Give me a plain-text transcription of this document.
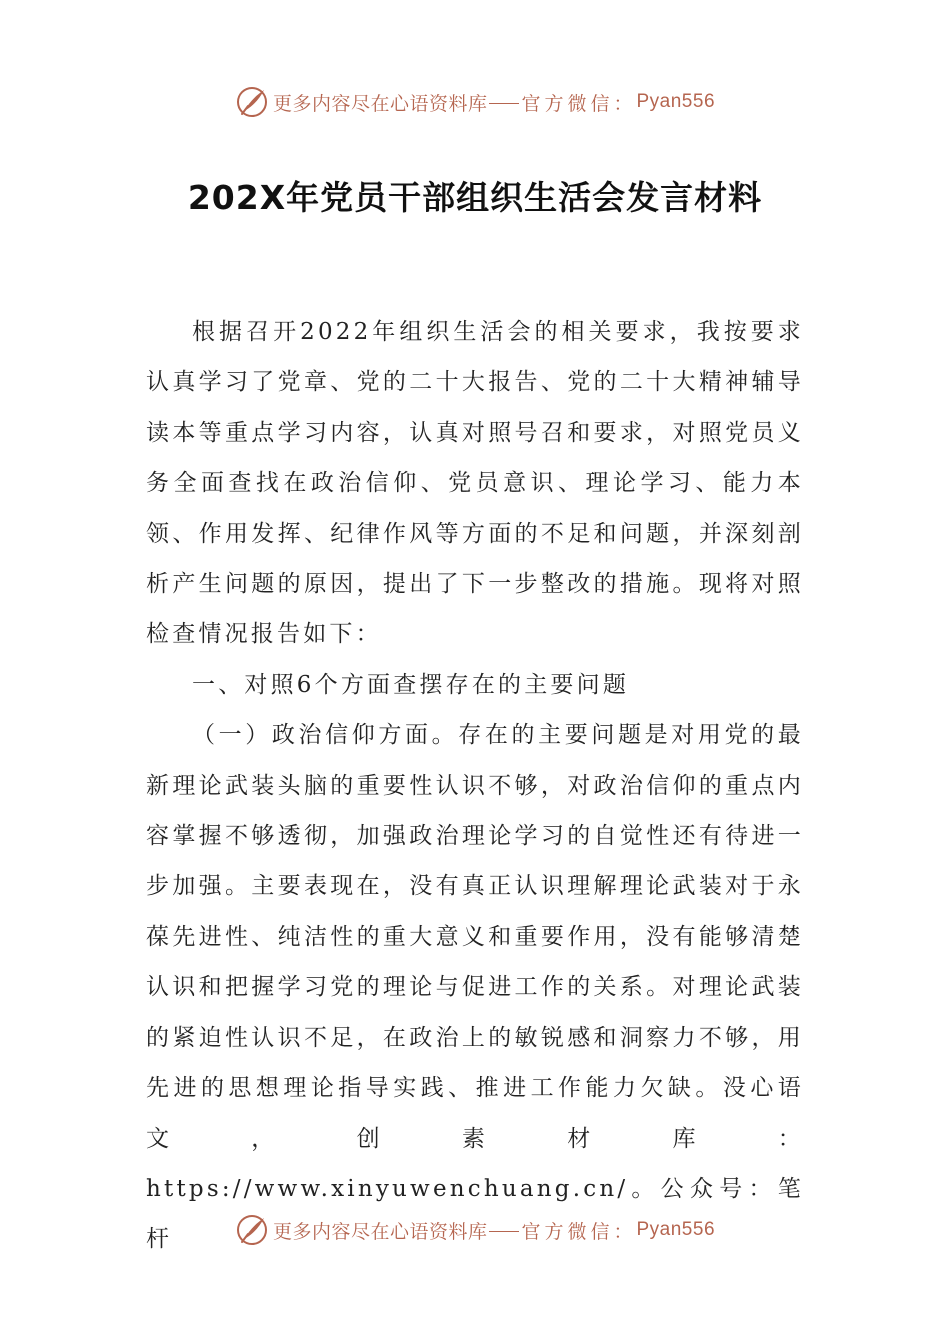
更多内容尽在心语资料库 官方微信： Pyan556
202X年党员干部组织生活会发言材料

根据召开2022年组织生活会的相关要求，我按要求认真学习了党章、党的二十大报告、党的二十大精神辅导读本等重点学习内容，认真对照号召和要求，对照党员义务全面查找在政治信仰、党员意识、理论学习、能力本领、作用发挥、纪律作风等方面的不足和问题，并深刻剖析产生问题的原因，提出了下一步整改的措施。现将对照检查情况报告如下：

一、对照6个方面查摆存在的主要问题

（一）政治信仰方面。存在的主要问题是对用党的最新理论武装头脑的重要性认识不够，对政治信仰的重点内容掌握不够透彻，加强政治理论学习的自觉性还有待进一步加强。主要表现在，没有真正认识理解理论武装对于永葆先进性、纯洁性的重大意义和重要作用，没有能够清楚认识和把握学习党的理论与促进工作的关系。对理论武装的紧迫性认识不足，在政治上的敏锐感和洞察力不够，用先进的思想理论指导实践、推进工作能力欠缺。没心语文，创素材库：https://www.xinyuwenchuang.cn/。公众号：笔杆	更多内容尽在心语资料库 官方微信： Pyan556
